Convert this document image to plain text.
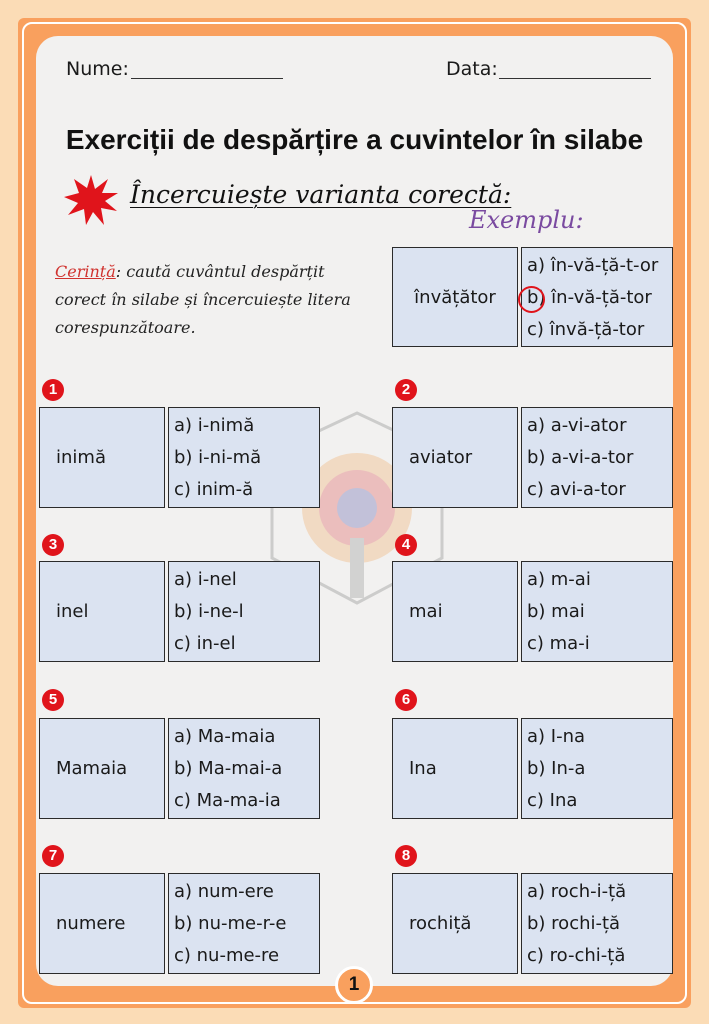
Nume:	Data:
Exerciții de despărțire a cuvintelor în silabe
Încercuiește varianta corectă:
Exemplu:
Cerință: caută cuvântul despărțit corect în silabe și încercuiește litera corespunzătoare.
învățător
a) în-vă-ță-t-or
b) în-vă-ță-tor
c) învă-ță-tor
1
inimă
a) i-nimă
b) i-ni-mă
c) inim-ă
2
aviator
a) a-vi-ator
b) a-vi-a-tor
c) avi-a-tor
3
inel
a) i-nel
b) i-ne-l
c) in-el
4
mai
a) m-ai
b) mai
c) ma-i
5
Mamaia
a) Ma-maia
b) Ma-mai-a
c) Ma-ma-ia
6
Ina
a) I-na
b) In-a
c) Ina
7
numere
a) num-ere
b) nu-me-r-e
c) nu-me-re
8
rochiță
a) roch-i-ță
b) rochi-ță
c) ro-chi-ță
1
